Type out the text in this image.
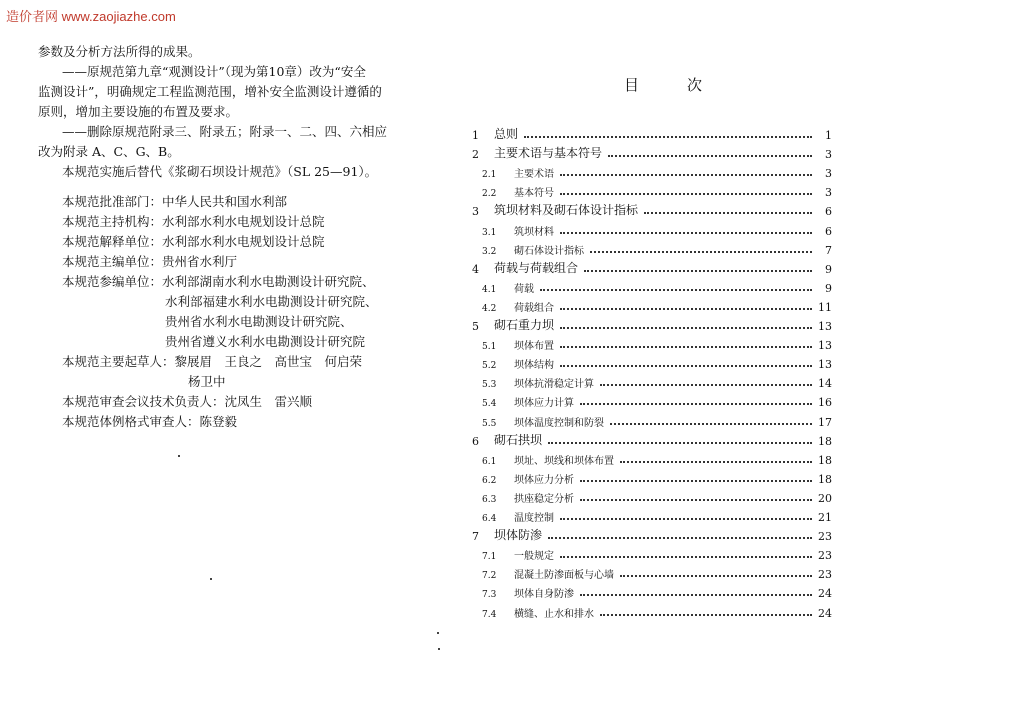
造价者网 www.zaojiazhe.com

参数及分析方法所得的成果。

——原规范第九章“观测设计”（现为第10章）改为“安全

监测设计”，明确规定工程监测范围，增补安全监测设计遵循的

原则，增加主要设施的布置及要求。

——删除原规范附录三、附录五；附录一、二、四、六相应

改为附录 A、C、G、B。

本规范实施后替代《浆砌石坝设计规范》（SL 25—91）。

本规范批准部门：中华人民共和国水利部

本规范主持机构：水利部水利水电规划设计总院

本规范解释单位：水利部水利水电规划设计总院

本规范主编单位：贵州省水利厅

本规范参编单位：水利部湖南水利水电勘测设计研究院、

水利部福建水利水电勘测设计研究院、

贵州省水利水电勘测设计研究院、

贵州省遵义水利水电勘测设计研究院

本规范主要起草人：黎展眉　王良之　高世宝　何启荣

杨卫中

本规范审查会议技术负责人：沈凤生　雷兴顺

本规范体例格式审查人：陈登毅

目次
1	总则	1
2	主要术语与基本符号	3
2.1	主要术语	3
2.2	基本符号	3
3	筑坝材料及砌石体设计指标	6
3.1	筑坝材料	6
3.2	砌石体设计指标	7
4	荷载与荷载组合	9
4.1	荷载	9
4.2	荷载组合	11
5	砌石重力坝	13
5.1	坝体布置	13
5.2	坝体结构	13
5.3	坝体抗滑稳定计算	14
5.4	坝体应力计算	16
5.5	坝体温度控制和防裂	17
6	砌石拱坝	18
6.1	坝址、坝线和坝体布置	18
6.2	坝体应力分析	18
6.3	拱座稳定分析	20
6.4	温度控制	21
7	坝体防渗	23
7.1	一般规定	23
7.2	混凝土防渗面板与心墙	23
7.3	坝体自身防渗	24
7.4	横缝、止水和排水	24
